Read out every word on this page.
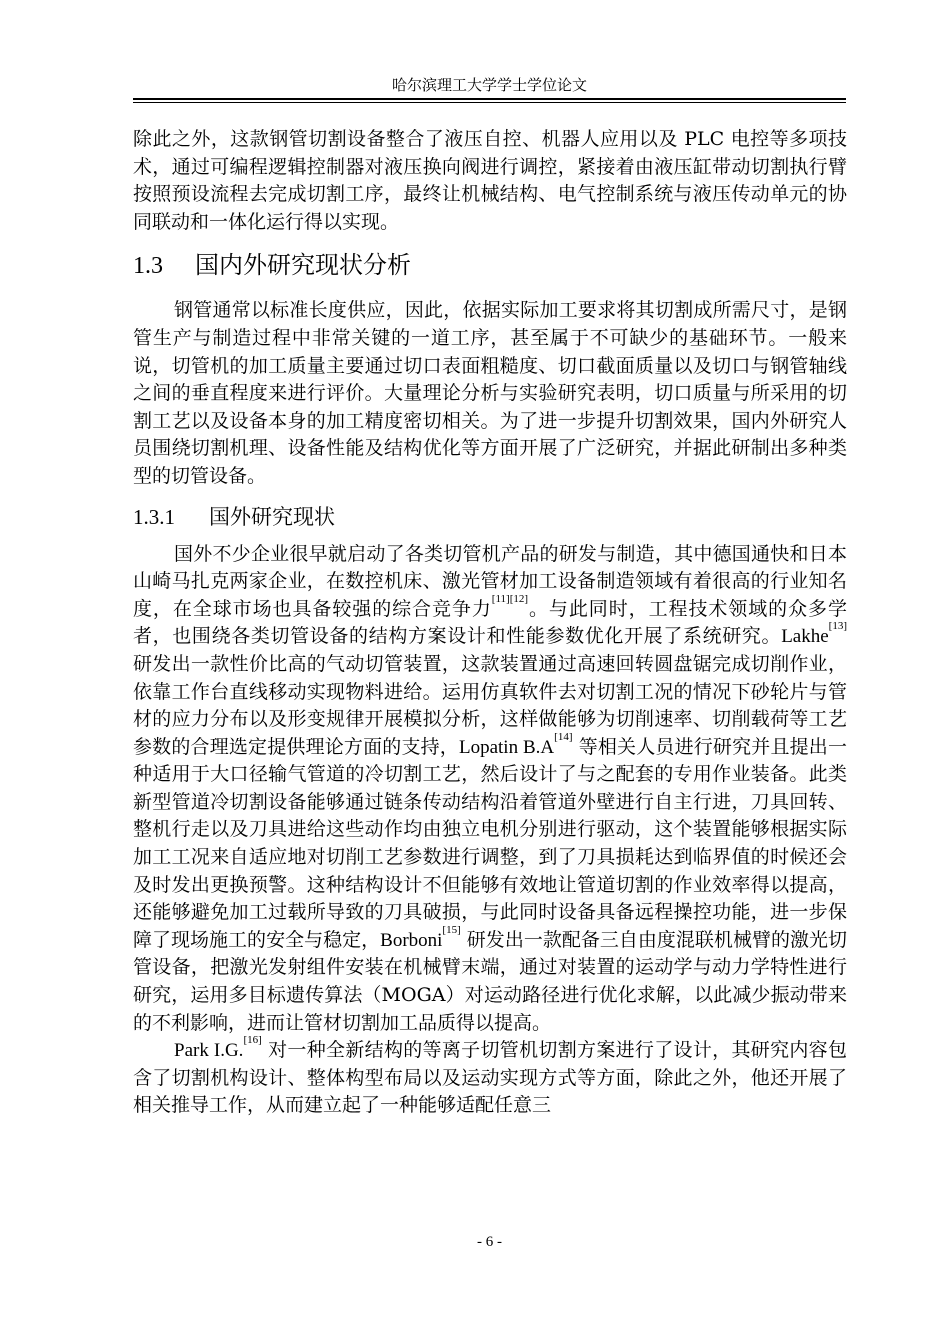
哈尔滨理工大学学士学位论文

除此之外，这款钢管切割设备整合了液压自控、机器人应用以及 PLC 电控等多项技术，通过可编程逻辑控制器对液压换向阀进行调控，紧接着由液压缸带动切割执行臂按照预设流程去完成切割工序，最终让机械结构、电气控制系统与液压传动单元的协同联动和一体化运行得以实现。

1.3 国内外研究现状分析

钢管通常以标准长度供应，因此，依据实际加工要求将其切割成所需尺寸，是钢管生产与制造过程中非常关键的一道工序，甚至属于不可缺少的基础环节。一般来说，切管机的加工质量主要通过切口表面粗糙度、切口截面质量以及切口与钢管轴线之间的垂直程度来进行评价。大量理论分析与实验研究表明，切口质量与所采用的切割工艺以及设备本身的加工精度密切相关。为了进一步提升切割效果，国内外研究人员围绕切割机理、设备性能及结构优化等方面开展了广泛研究，并据此研制出多种类型的切管设备。

1.3.1 国外研究现状

国外不少企业很早就启动了各类切管机产品的研发与制造，其中德国通快和日本山崎马扎克两家企业，在数控机床、激光管材加工设备制造领域有着很高的行业知名度，在全球市场也具备较强的综合竞争力[11][12]。与此同时，工程技术领域的众多学者，也围绕各类切管设备的结构方案设计和性能参数优化开展了系统研究。Lakhe[13] 研发出一款性价比高的气动切管装置，这款装置通过高速回转圆盘锯完成切削作业，依靠工作台直线移动实现物料进给。运用仿真软件去对切割工况的情况下砂轮片与管材的应力分布以及形变规律开展模拟分析，这样做能够为切削速率、切削载荷等工艺参数的合理选定提供理论方面的支持，Lopatin B.A[14] 等相关人员进行研究并且提出一种适用于大口径输气管道的冷切割工艺，然后设计了与之配套的专用作业装备。此类新型管道冷切割设备能够通过链条传动结构沿着管道外壁进行自主行进，刀具回转、整机行走以及刀具进给这些动作均由独立电机分别进行驱动，这个装置能够根据实际加工工况来自适应地对切削工艺参数进行调整，到了刀具损耗达到临界值的时候还会及时发出更换预警。这种结构设计不但能够有效地让管道切割的作业效率得以提高，还能够避免加工过载所导致的刀具破损，与此同时设备具备远程操控功能，进一步保障了现场施工的安全与稳定，Borboni[15] 研发出一款配备三自由度混联机械臂的激光切管设备，把激光发射组件安装在机械臂末端，通过对装置的运动学与动力学特性进行研究，运用多目标遗传算法（MOGA）对运动路径进行优化求解，以此减少振动带来的不利影响，进而让管材切割加工品质得以提高。

Park I.G.[16] 对一种全新结构的等离子切管机切割方案进行了设计，其研究内容包含了切割机构设计、整体构型布局以及运动实现方式等方面，除此之外，他还开展了相关推导工作，从而建立起了一种能够适配任意三

- 6 -
